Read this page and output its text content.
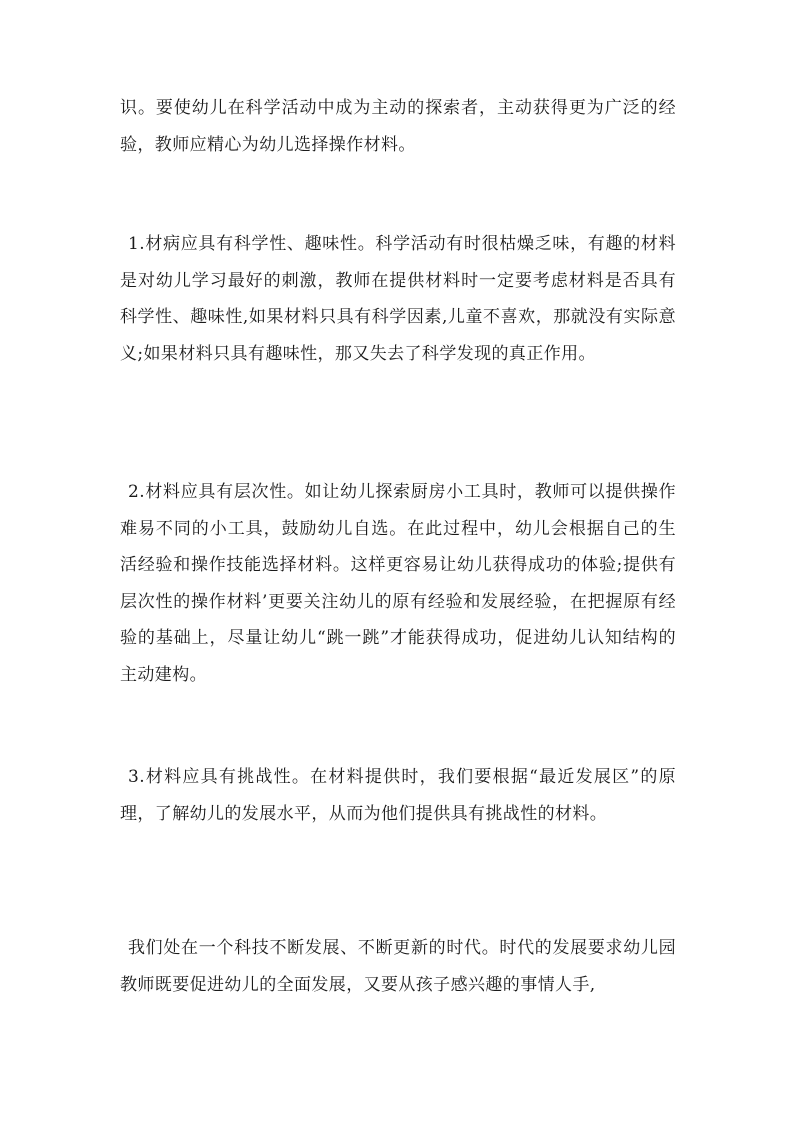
识。要使幼儿在科学活动中成为主动的探索者，主动获得更为广泛的经验，教师应精心为幼儿选择操作材料。

1.材病应具有科学性、趣味性。科学活动有时很枯燥乏味，有趣的材料是对幼儿学习最好的刺激，教师在提供材料时一定要考虑材料是否具有科学性、趣味性,如果材料只具有科学因素,儿童不喜欢，那就没有实际意义;如果材料只具有趣味性，那又失去了科学发现的真正作用。

2.材料应具有层次性。如让幼儿探索厨房小工具时，教师可以提供操作难易不同的小工具，鼓励幼儿自选。在此过程中，幼儿会根据自己的生活经验和操作技能选择材料。这样更容易让幼儿获得成功的体验;提供有层次性的操作材料’更要关注幼儿的原有经验和发展经验，在把握原有经验的基础上，尽量让幼儿“跳一跳”才能获得成功，促进幼儿认知结构的主动建构。

3.材料应具有挑战性。在材料提供时，我们要根据“最近发展区”的原理，了解幼儿的发展水平，从而为他们提供具有挑战性的材料。

我们处在一个科技不断发展、不断更新的时代。时代的发展要求幼儿园教师既要促进幼儿的全面发展，又要从孩子感兴趣的事情人手,
